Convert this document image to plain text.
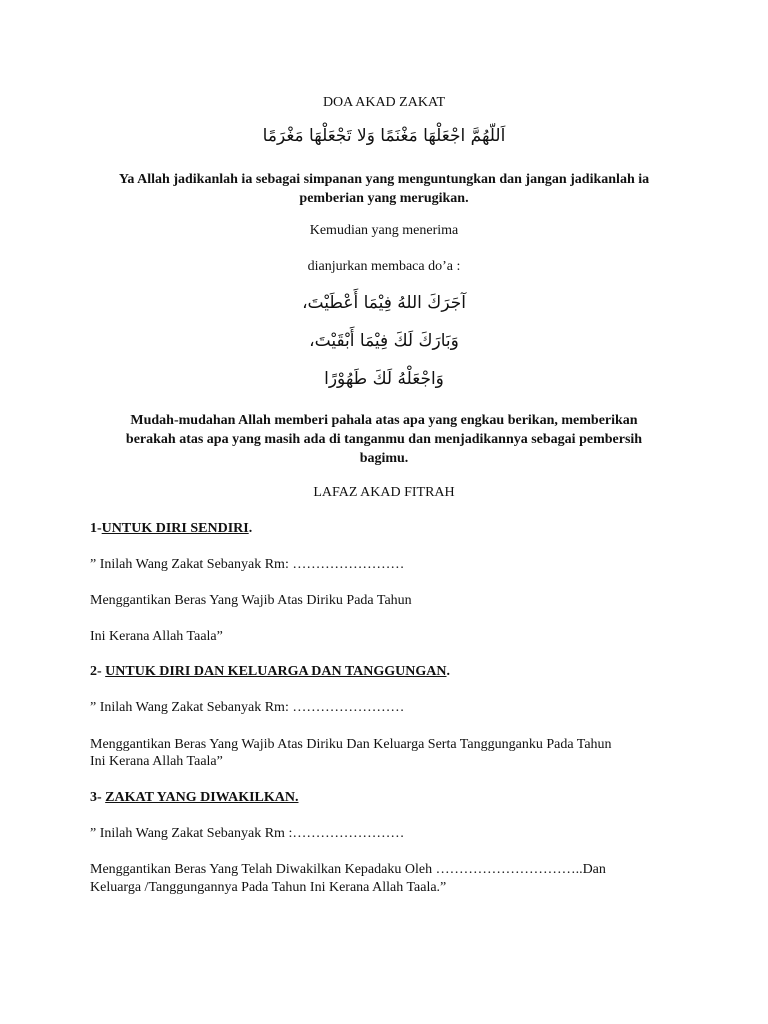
DOA AKAD ZAKAT
اَللّهُمَّ اجْعَلْهَا مَغْنَمًا وَلا تَجْعَلْهَا مَغْرَمًا
Ya Allah jadikanlah ia sebagai simpanan yang menguntungkan dan jangan jadikanlah ia
pemberian yang merugikan.
Kemudian yang menerima
dianjurkan membaca do’a :
آجَرَكَ اللهُ فِيْمَا أَعْطَيْتَ،
وَبَارَكَ لَكَ فِيْمَا أَبْقَيْتَ،
وَاجْعَلْهُ لَكَ طَهُوْرًا
Mudah-mudahan Allah memberi pahala atas apa yang engkau berikan, memberikan
berakah atas apa yang masih ada di tanganmu dan menjadikannya sebagai pembersih
bagimu.
LAFAZ AKAD FITRAH
1-UNTUK DIRI SENDIRI.
” Inilah Wang Zakat Sebanyak Rm: ……………………
Menggantikan Beras Yang Wajib Atas Diriku Pada Tahun
Ini Kerana Allah Taala”
2- UNTUK DIRI DAN KELUARGA DAN TANGGUNGAN.
” Inilah Wang Zakat Sebanyak Rm: ……………………
Menggantikan Beras Yang Wajib Atas Diriku Dan Keluarga Serta Tanggunganku Pada Tahun
Ini Kerana Allah Taala”
3- ZAKAT YANG DIWAKILKAN.
” Inilah Wang Zakat Sebanyak Rm :……………………
Menggantikan Beras Yang Telah Diwakilkan Kepadaku Oleh …………………………..Dan
Keluarga /Tanggungannya Pada Tahun Ini Kerana Allah Taala.”
